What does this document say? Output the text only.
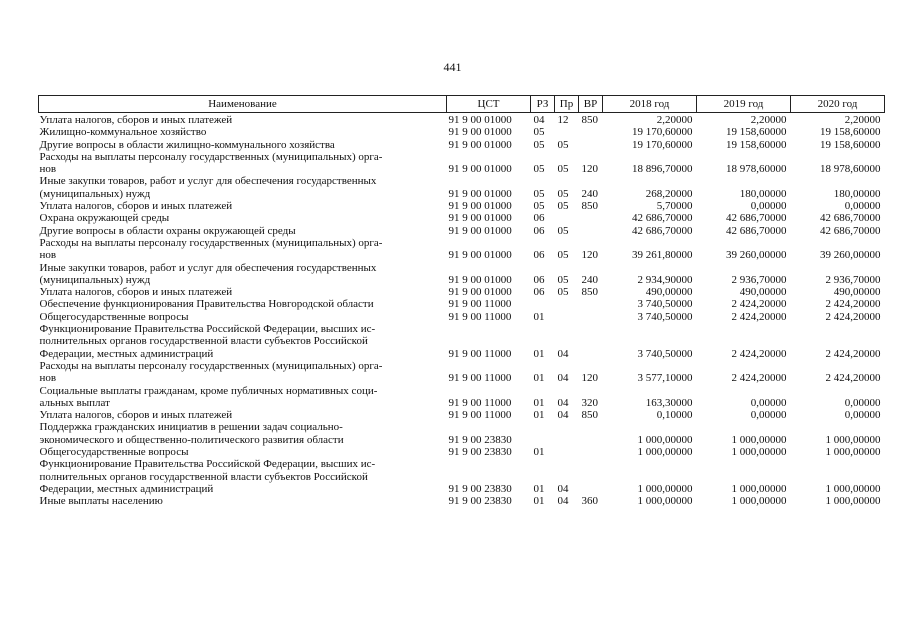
441
Наименование	ЦСТ	РЗ	Пр	ВР	2018 год	2019 год	2020 год
Уплата налогов, сборов и иных платежей	91 9 00 01000	04	12	850	2,20000	2,20000	2,20000
Жилищно-коммунальное хозяйство	91 9 00 01000	05			19 170,60000	19 158,60000	19 158,60000
Другие вопросы в области жилищно-коммунального хозяйства	91 9 00 01000	05	05		19 170,60000	19 158,60000	19 158,60000
Расходы на выплаты персоналу государственных (муниципальных) орга-
нов	91 9 00 01000	05	05	120	18 896,70000	18 978,60000	18 978,60000
Иные закупки товаров, работ и услуг для обеспечения государственных
(муниципальных) нужд	91 9 00 01000	05	05	240	268,20000	180,00000	180,00000
Уплата налогов, сборов и иных платежей	91 9 00 01000	05	05	850	5,70000	0,00000	0,00000
Охрана окружающей среды	91 9 00 01000	06			42 686,70000	42 686,70000	42 686,70000
Другие вопросы в области охраны окружающей среды	91 9 00 01000	06	05		42 686,70000	42 686,70000	42 686,70000
Расходы на выплаты персоналу государственных (муниципальных) орга-
нов	91 9 00 01000	06	05	120	39 261,80000	39 260,00000	39 260,00000
Иные закупки товаров, работ и услуг для обеспечения государственных
(муниципальных) нужд	91 9 00 01000	06	05	240	2 934,90000	2 936,70000	2 936,70000
Уплата налогов, сборов и иных платежей	91 9 00 01000	06	05	850	490,00000	490,00000	490,00000
Обеспечение функционирования Правительства Новгородской области	91 9 00 11000				3 740,50000	2 424,20000	2 424,20000
Общегосударственные вопросы	91 9 00 11000	01			3 740,50000	2 424,20000	2 424,20000
Функционирование Правительства Российской Федерации, высших ис-
полнительных органов государственной власти субъектов Российской
Федерации, местных администраций	91 9 00 11000	01	04		3 740,50000	2 424,20000	2 424,20000
Расходы на выплаты персоналу государственных (муниципальных) орга-
нов	91 9 00 11000	01	04	120	3 577,10000	2 424,20000	2 424,20000
Социальные выплаты гражданам, кроме публичных нормативных соци-
альных выплат	91 9 00 11000	01	04	320	163,30000	0,00000	0,00000
Уплата налогов, сборов и иных платежей	91 9 00 11000	01	04	850	0,10000	0,00000	0,00000
Поддержка гражданских инициатив в решении задач социально-
экономического и общественно-политического развития области	91 9 00 23830				1 000,00000	1 000,00000	1 000,00000
Общегосударственные вопросы	91 9 00 23830	01			1 000,00000	1 000,00000	1 000,00000
Функционирование Правительства Российской Федерации, высших ис-
полнительных органов государственной власти субъектов Российской
Федерации, местных администраций	91 9 00 23830	01	04		1 000,00000	1 000,00000	1 000,00000
Иные выплаты населению	91 9 00 23830	01	04	360	1 000,00000	1 000,00000	1 000,00000
